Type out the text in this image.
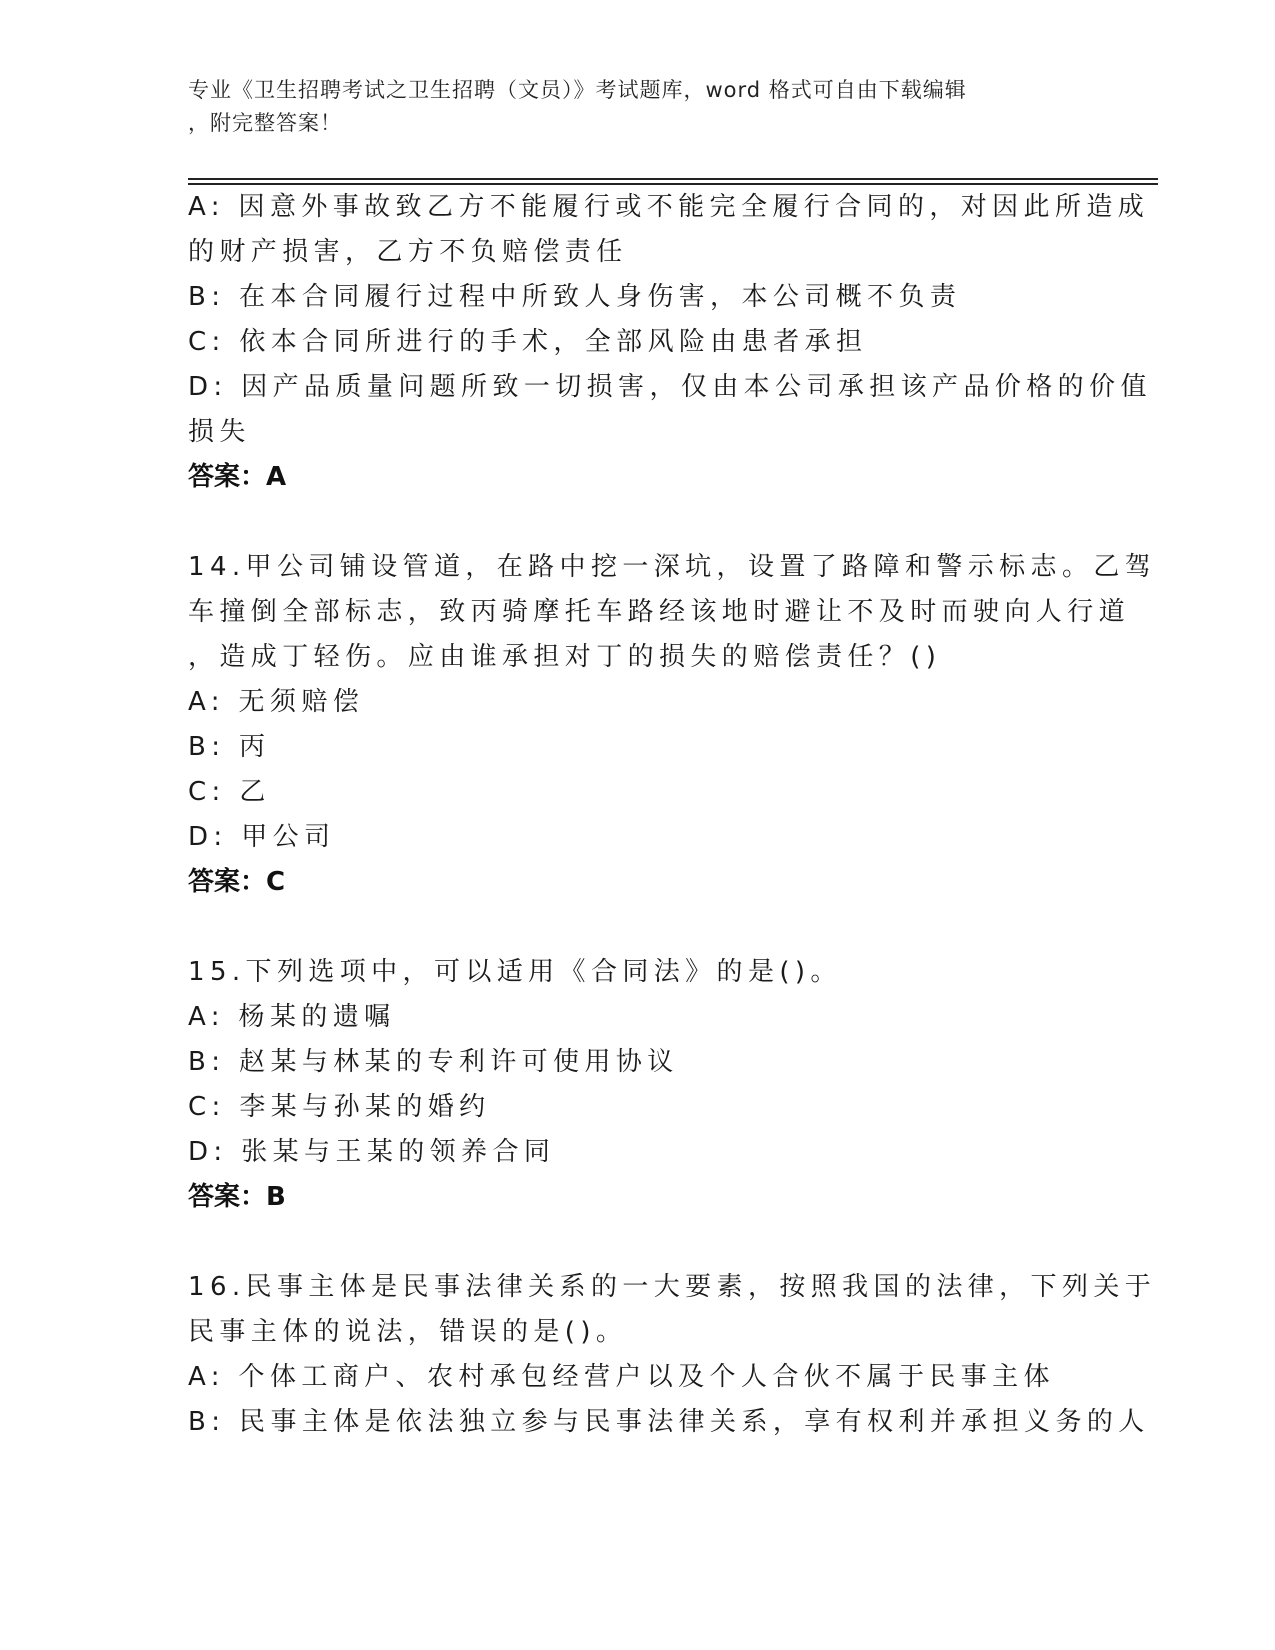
专业《卫生招聘考试之卫生招聘（文员）》考试题库，word 格式可自由下载编辑
，附完整答案！
A: 因意外事故致乙方不能履行或不能完全履行合同的，对因此所造成
的财产损害，乙方不负赔偿责任
B: 在本合同履行过程中所致人身伤害，本公司概不负责
C: 依本合同所进行的手术，全部风险由患者承担
D: 因产品质量问题所致一切损害，仅由本公司承担该产品价格的价值
损失
答案：A
14.甲公司铺设管道，在路中挖一深坑，设置了路障和警示标志。乙驾
车撞倒全部标志，致丙骑摩托车路经该地时避让不及时而驶向人行道
，造成丁轻伤。应由谁承担对丁的损失的赔偿责任？()
A: 无须赔偿
B: 丙
C: 乙
D: 甲公司
答案：C
15.下列选项中，可以适用《合同法》的是()。
A: 杨某的遗嘱
B: 赵某与林某的专利许可使用协议
C: 李某与孙某的婚约
D: 张某与王某的领养合同
答案：B
16.民事主体是民事法律关系的一大要素，按照我国的法律，下列关于
民事主体的说法，错误的是()。
A: 个体工商户、农村承包经营户以及个人合伙不属于民事主体
B: 民事主体是依法独立参与民事法律关系，享有权利并承担义务的人
